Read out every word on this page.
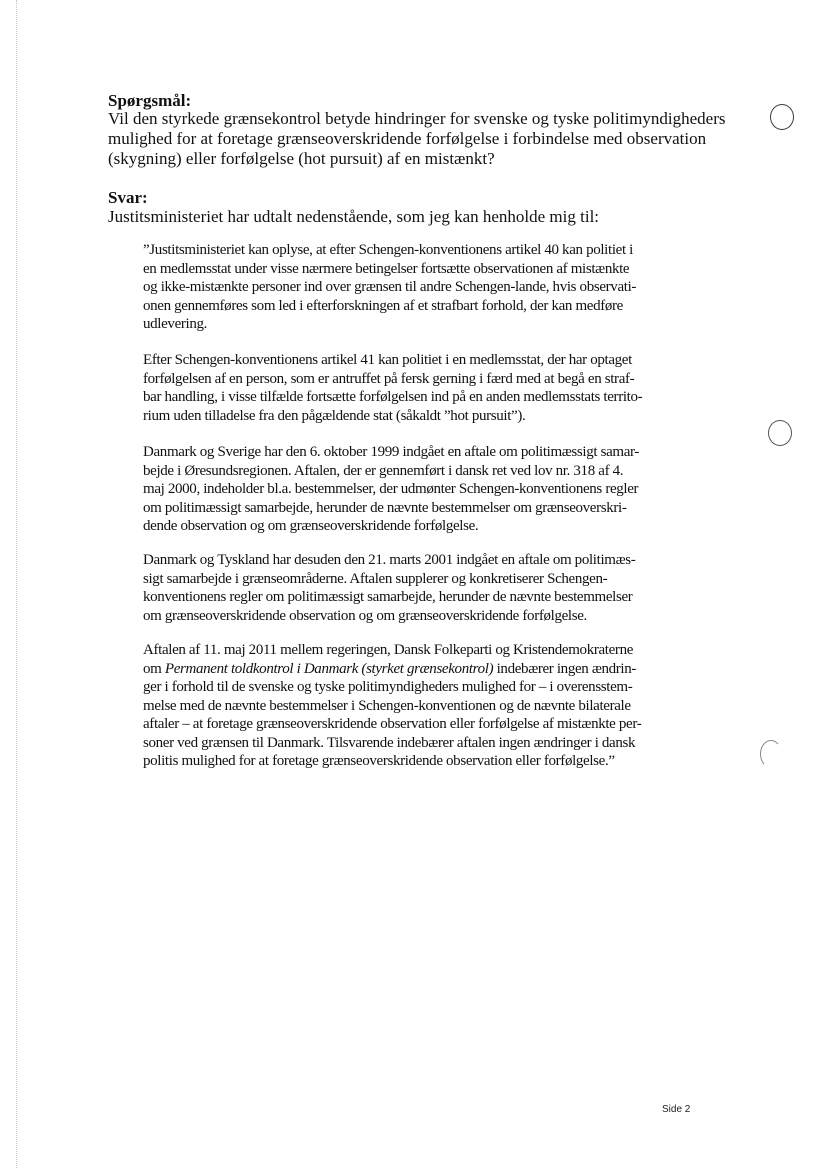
Spørgsmål:
Vil den styrkede grænsekontrol betyde hindringer for svenske og tyske politimyndigheders
mulighed for at foretage grænseoverskridende forfølgelse i forbindelse med observation
(skygning) eller forfølgelse (hot pursuit) af en mistænkt?
Svar:
Justitsministeriet har udtalt nedenstående, som jeg kan henholde mig til:
”Justitsministeriet kan oplyse, at efter Schengen-konventionens artikel 40 kan politiet i
en medlemsstat under visse nærmere betingelser fortsætte observationen af mistænkte
og ikke-mistænkte personer ind over grænsen til andre Schengen-lande, hvis observati-
onen gennemføres som led i efterforskningen af et strafbart forhold, der kan medføre
udlevering.
Efter Schengen-konventionens artikel 41 kan politiet i en medlemsstat, der har optaget
forfølgelsen af en person, som er antruffet på fersk gerning i færd med at begå en straf-
bar handling, i visse tilfælde fortsætte forfølgelsen ind på en anden medlemsstats territo-
rium uden tilladelse fra den pågældende stat (såkaldt ”hot pursuit”).
Danmark og Sverige har den 6. oktober 1999 indgået en aftale om politimæssigt samar-
bejde i Øresundsregionen. Aftalen, der er gennemført i dansk ret ved lov nr. 318 af 4.
maj 2000, indeholder bl.a. bestemmelser, der udmønter Schengen-konventionens regler
om politimæssigt samarbejde, herunder de nævnte bestemmelser om grænseoverskri-
dende observation og om grænseoverskridende forfølgelse.
Danmark og Tyskland har desuden den 21. marts 2001 indgået en aftale om politimæs-
sigt samarbejde i grænseområderne. Aftalen supplerer og konkretiserer Schengen-
konventionens regler om politimæssigt samarbejde, herunder de nævnte bestemmelser
om grænseoverskridende observation og om grænseoverskridende forfølgelse.
Aftalen af 11. maj 2011 mellem regeringen, Dansk Folkeparti og Kristendemokraterne
om Permanent toldkontrol i Danmark (styrket grænsekontrol) indebærer ingen ændrin-
ger i forhold til de svenske og tyske politimyndigheders mulighed for – i overensstem-
melse med de nævnte bestemmelser i Schengen-konventionen og de nævnte bilaterale
aftaler – at foretage grænseoverskridende observation eller forfølgelse af mistænkte per-
soner ved grænsen til Danmark. Tilsvarende indebærer aftalen ingen ændringer i dansk
politis mulighed for at foretage grænseoverskridende observation eller forfølgelse.”
Side 2
